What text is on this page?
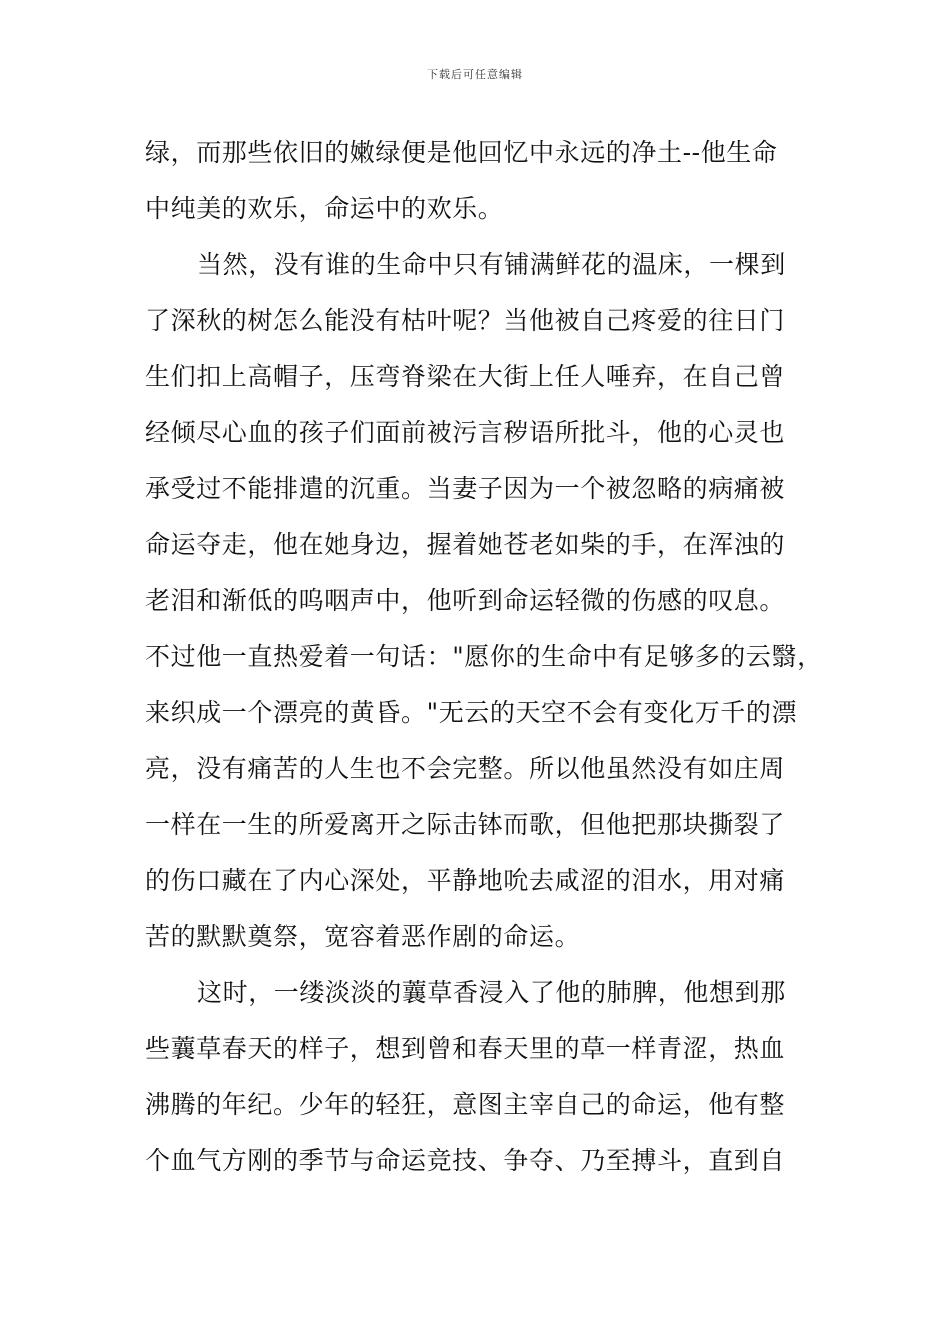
下载后可任意编辑
绿，而那些依旧的嫩绿便是他回忆中永远的净土--他生命
中纯美的欢乐，命运中的欢乐。
当然，没有谁的生命中只有铺满鲜花的温床，一棵到
了深秋的树怎么能没有枯叶呢？当他被自己疼爱的往日门
生们扣上高帽子，压弯脊梁在大街上任人唾弃，在自己曾
经倾尽心血的孩子们面前被污言秽语所批斗，他的心灵也
承受过不能排遣的沉重。当妻子因为一个被忽略的病痛被
命运夺走，他在她身边，握着她苍老如柴的手，在浑浊的
老泪和渐低的呜咽声中，他听到命运轻微的伤感的叹息。
不过他一直热爱着一句话："愿你的生命中有足够多的云翳，
来织成一个漂亮的黄昏。"无云的天空不会有变化万千的漂
亮，没有痛苦的人生也不会完整。所以他虽然没有如庄周
一样在一生的所爱离开之际击钵而歌，但他把那块撕裂了
的伤口藏在了内心深处，平静地吮去咸涩的泪水，用对痛
苦的默默奠祭，宽容着恶作剧的命运。
这时，一缕淡淡的蘘草香浸入了他的肺脾，他想到那
些蘘草春天的样子，想到曾和春天里的草一样青涩，热血
沸腾的年纪。少年的轻狂，意图主宰自己的命运，他有整
个血气方刚的季节与命运竞技、争夺、乃至搏斗，直到自
